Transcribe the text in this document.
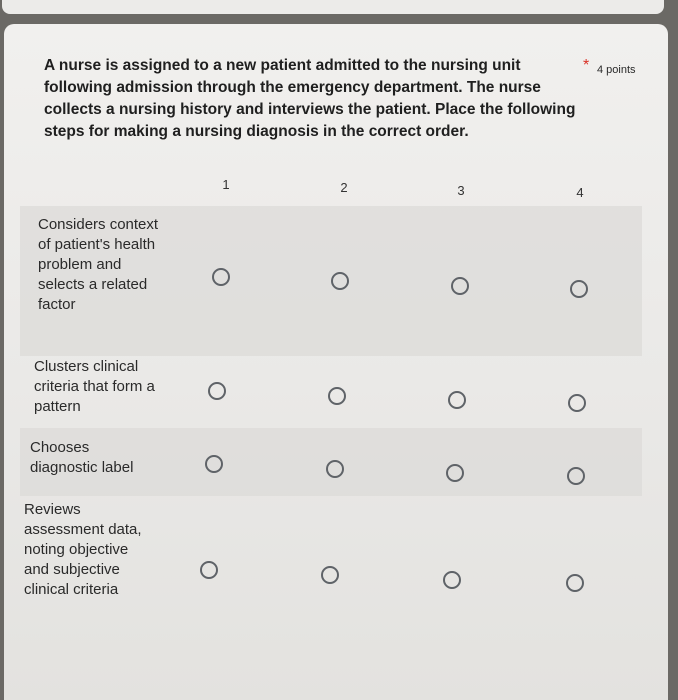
A nurse is assigned to a new patient admitted to the nursing unit following admission through the emergency department. The nurse collects a nursing history and interviews the patient. Place the following steps for making a nursing diagnosis in the correct order.
* 4 points
1	2	3	4
Considers context of patient's health problem and selects a related factor
Clusters clinical criteria that form a pattern
Chooses diagnostic label
Reviews assessment data, noting objective and subjective clinical criteria
